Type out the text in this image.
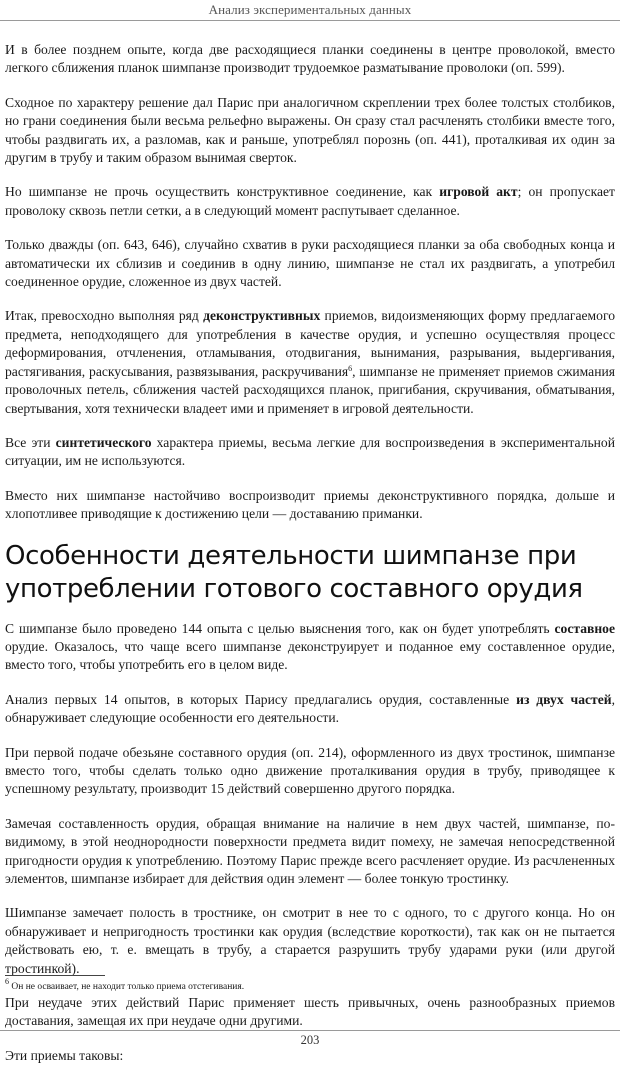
Анализ экспериментальных данных

И в более позднем опыте, когда две расходящиеся планки соединены в центре проволокой, вместо легкого сближения планок шимпанзе производит трудоемкое разматывание проволоки (оп. 599).

Сходное по характеру решение дал Парис при аналогичном скреплении трех более толстых столбиков, но грани соединения были весьма рельефно выражены. Он сразу стал расчленять столбики вместе того, чтобы раздвигать их, а разломав, как и раньше, употреблял порознь (оп. 441), проталкивая их один за другим в трубу и таким образом вынимая сверток.

Но шимпанзе не прочь осуществить конструктивное соединение, как игровой акт; он пропускает проволоку сквозь петли сетки, а в следующий момент распутывает сделанное.

Только дважды (оп. 643, 646), случайно схватив в руки расходящиеся планки за оба свободных конца и автоматически их сблизив и соединив в одну линию, шимпанзе не стал их раздвигать, а употребил соединенное орудие, сложенное из двух частей.

Итак, превосходно выполняя ряд деконструктивных приемов, видоизменяющих форму предлагаемого предмета, неподходящего для употребления в качестве орудия, и успешно осуществляя процесс деформирования, отчленения, отламывания, отодвигания, вынимания, разрывания, выдергивания, растягивания, раскусывания, развязывания, раскручивания$^6$, шимпанзе не применяет приемов сжимания проволочных петель, сближения частей расходящихся планок, пригибания, скручивания, обматывания, свертывания, хотя технически владеет ими и применяет в игровой деятельности.

Все эти синтетического характера приемы, весьма легкие для воспроизведения в экспериментальной ситуации, им не используются.

Вместо них шимпанзе настойчиво воспроизводит приемы деконструктивного порядка, дольше и хлопотливее приводящие к достижению цели — доставанию приманки.

Особенности деятельности шимпанзе при употреблении готового составного орудия

С шимпанзе было проведено 144 опыта с целью выяснения того, как он будет употреблять составное орудие. Оказалось, что чаще всего шимпанзе деконструирует и поданное ему составленное орудие, вместо того, чтобы употребить его в целом виде.

Анализ первых 14 опытов, в которых Парису предлагались орудия, составленные из двух частей, обнаруживает следующие особенности его деятельности.

При первой подаче обезьяне составного орудия (оп. 214), оформленного из двух тростинок, шимпанзе вместо того, чтобы сделать только одно движение проталкивания орудия в трубу, приводящее к успешному результату, производит 15 действий совершенно другого порядка.

Замечая составленность орудия, обращая внимание на наличие в нем двух частей, шимпанзе, по-видимому, в этой неоднородности поверхности предмета видит помеху, не замечая непосредственной пригодности орудия к употреблению. Поэтому Парис прежде всего расчленяет орудие. Из расчлененных элементов, шимпанзе избирает для действия один элемент — более тонкую тростинку.

Шимпанзе замечает полость в тростнике, он смотрит в нее то с одного, то с другого конца. Но он обнаруживает и непригодность тростинки как орудия (вследствие короткости), так как он не пытается действовать ею, т. е. вмещать в трубу, а старается разрушить трубу ударами руки (или другой тростинкой).

При неудаче этих действий Парис применяет шесть привычных, очень разнообразных приемов доставания, замещая их при неудаче одни другими.

Эти приемы таковы:

$^6$ Он не осваивает, не находит только приема отстегивания.
203
